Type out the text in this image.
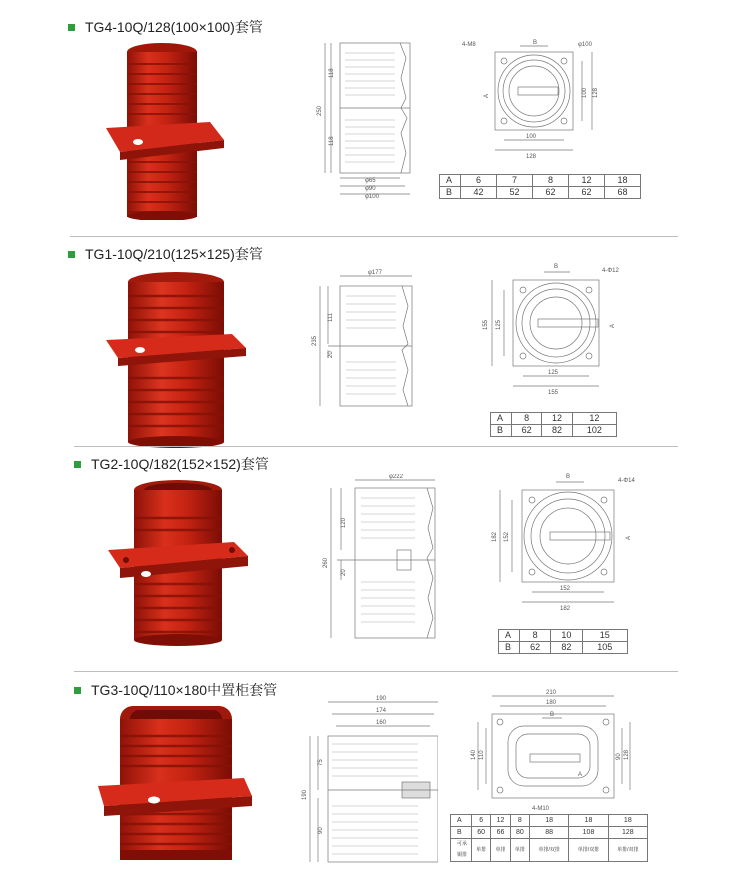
TG4-10Q/128(100×100)套管
φ65
φ90
φ100
118
118
250
B	φ100
4-M8
A
100
128
100 128
A	6	7	8	12	18
B	42	52	62	62	68
TG1-10Q/210(125×125)套管
φ177
111
235
20
B
4-Φ12
A
155 125
125
155
A	8	12	12
B	62	82	102
TG2-10Q/182(152×152)套管
φ222
120
260
20
B
4-Φ14
A
182 152
152
182
A	8	10	15
B	62	82	105
TG3-10Q/110×180中置柜套管
190
174
160
75
190
90
210
180
B
140 110	90 128
A
4-M10
A	6	12	8	18	18	18
B	60	66	80	88	108	128
可承铜排	单排	单排	单排	单排/双排	单排/双排	单排/双排
